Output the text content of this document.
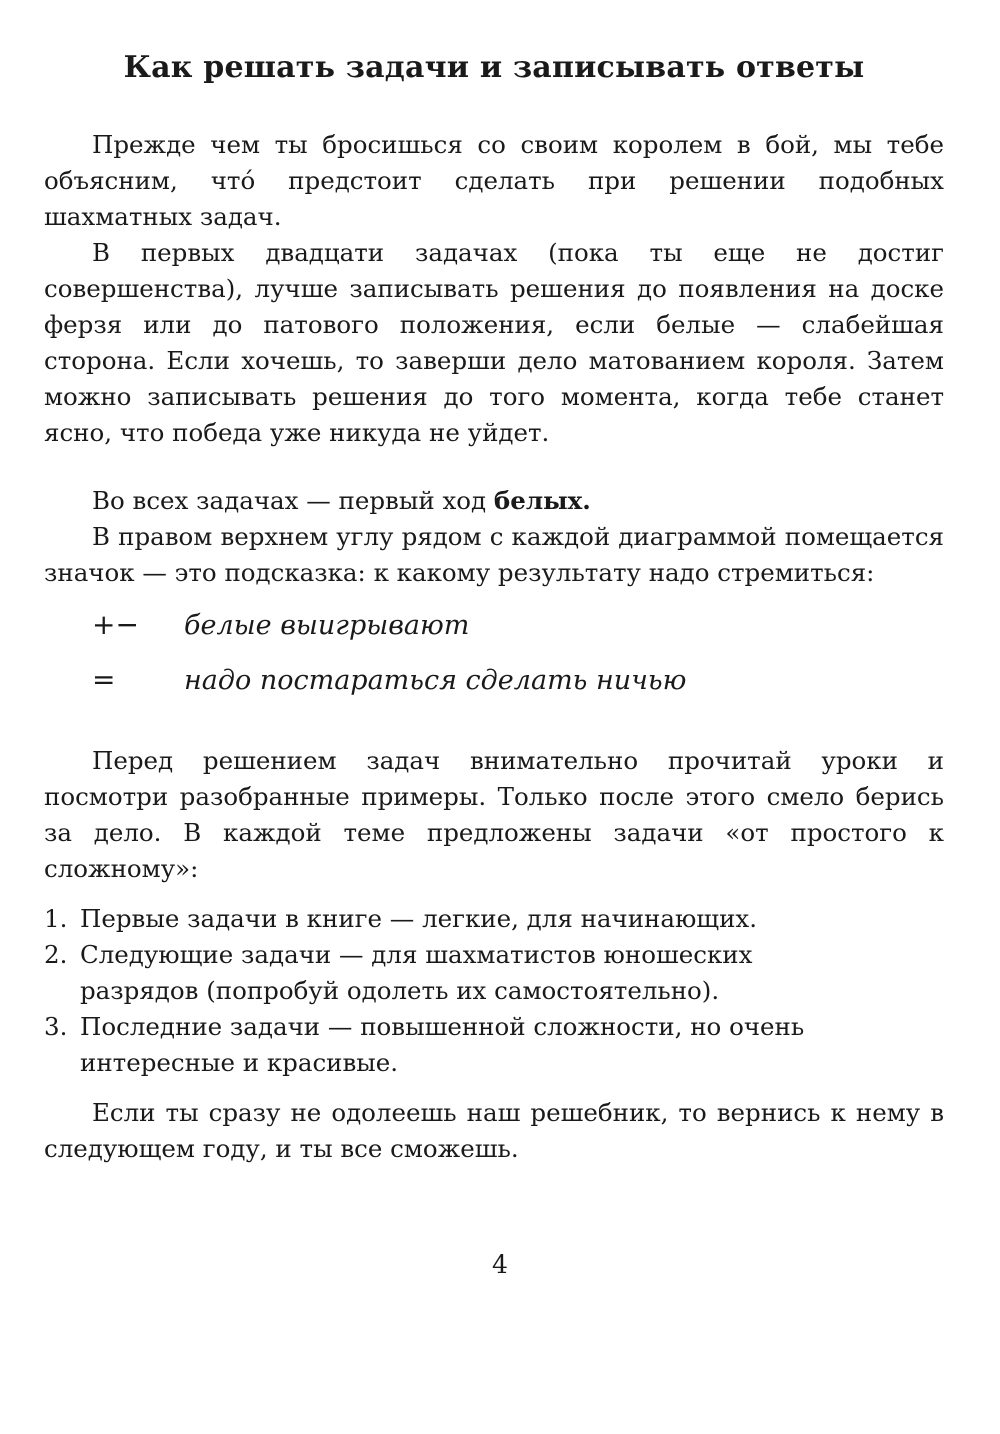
Как решать задачи и записывать ответы

Прежде чем ты бросишься со своим королем в бой, мы тебе объясним, что́ предстоит сделать при решении подобных шахматных задач.

В первых двадцати задачах (пока ты еще не достиг совершенства), лучше записывать решения до появления на доске ферзя или до патового положения, если белые — слабейшая сторона. Если хочешь, то заверши дело матованием короля. Затем можно записывать решения до того момента, когда тебе станет ясно, что победа уже никуда не уйдет.

Во всех задачах — первый ход белых.

В правом верхнем углу рядом с каждой диаграммой помещается значок — это подсказка: к какому результату надо стремиться:

+−	белые выигрывают
=	надо постараться сделать ничью

Перед решением задач внимательно прочитай уроки и посмотри разобранные примеры. Только после этого смело берись за дело. В каждой теме предложены задачи «от простого к сложному»:

1. Первые задачи в книге — легкие, для начинающих.
2. Следующие задачи — для шахматистов юношеских
разрядов (попробуй одолеть их самостоятельно).
3. Последние задачи — повышенной сложности, но очень
интересные и красивые.

Если ты сразу не одолеешь наш решебник, то вернись к нему в следующем году, и ты все сможешь.

4
